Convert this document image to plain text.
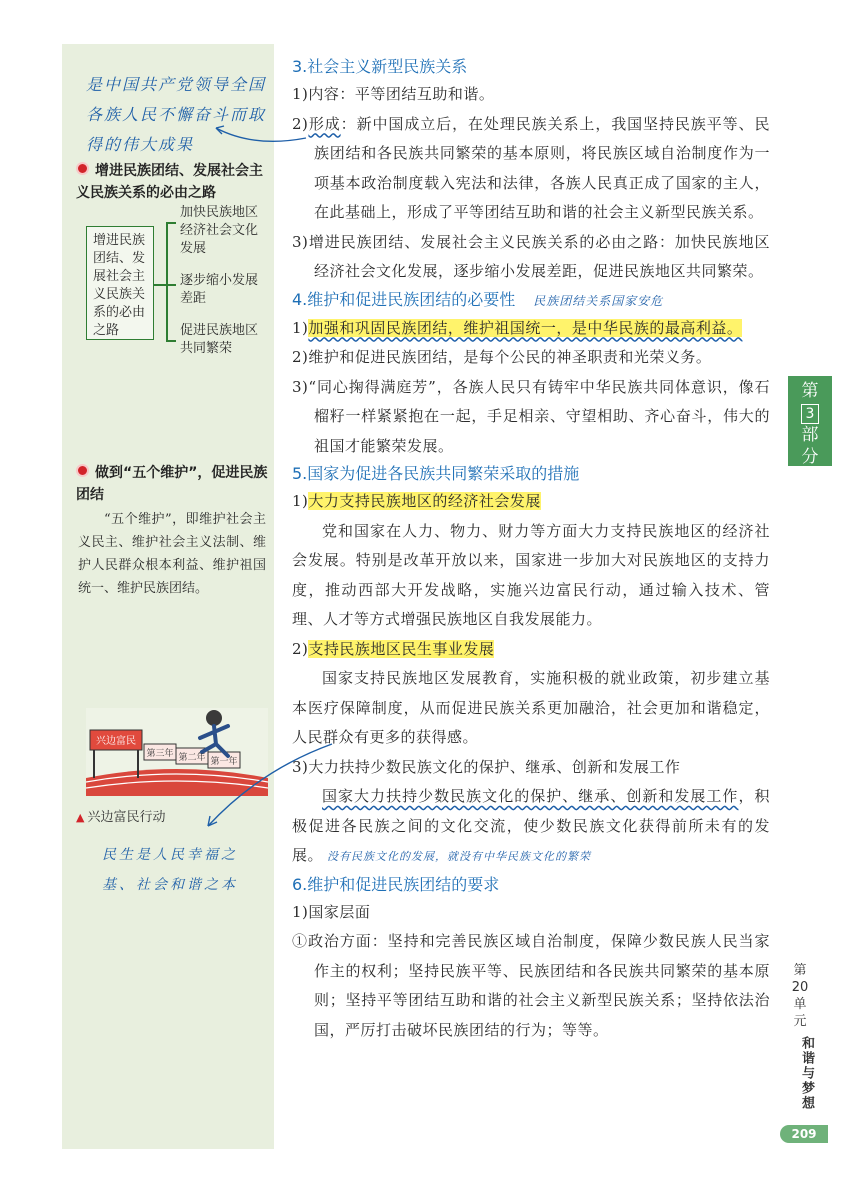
是中国共产党领导全国各族人民不懈奋斗而取得的伟大成果
增进民族团结、发展社会主义民族关系的必由之路
增进民族团结、发展社会主义民族关系的必由之路
加快民族地区经济社会文化发展
逐步缩小发展差距
促进民族地区共同繁荣
做到“五个维护”，促进民族团结
“五个维护”，即维护社会主义民主、维护社会主义法制、维护人民群众根本利益、维护祖国统一、维护民族团结。
兴边富民
第三年 第二年 第一年
▲ 兴边富民行动
民生是人民幸福之基、社会和谐之本

3.社会主义新型民族关系

1)内容：平等团结互助和谐。

2)形成：新中国成立后，在处理民族关系上，我国坚持民族平等、民族团结和各民族共同繁荣的基本原则，将民族区域自治制度作为一项基本政治制度载入宪法和法律，各族人民真正成了国家的主人，在此基础上，形成了平等团结互助和谐的社会主义新型民族关系。

3)增进民族团结、发展社会主义民族关系的必由之路：加快民族地区经济社会文化发展，逐步缩小发展差距，促进民族地区共同繁荣。

4.维护和促进民族团结的必要性 民族团结关系国家安危

1)加强和巩固民族团结，维护祖国统一，是中华民族的最高利益。

2)维护和促进民族团结，是每个公民的神圣职责和光荣义务。

3)“同心掬得满庭芳”，各族人民只有铸牢中华民族共同体意识，像石榴籽一样紧紧抱在一起，手足相亲、守望相助、齐心奋斗，伟大的祖国才能繁荣发展。

5.国家为促进各民族共同繁荣采取的措施

1)大力支持民族地区的经济社会发展

党和国家在人力、物力、财力等方面大力支持民族地区的经济社会发展。特别是改革开放以来，国家进一步加大对民族地区的支持力度，推动西部大开发战略，实施兴边富民行动，通过输入技术、管理、人才等方式增强民族地区自我发展能力。

2)支持民族地区民生事业发展

国家支持民族地区发展教育，实施积极的就业政策，初步建立基本医疗保障制度，从而促进民族关系更加融洽，社会更加和谐稳定，人民群众有更多的获得感。

3)大力扶持少数民族文化的保护、继承、创新和发展工作

国家大力扶持少数民族文化的保护、继承、创新和发展工作，积极促进各民族之间的文化交流，使少数民族文化获得前所未有的发展。 没有民族文化的发展，就没有中华民族文化的繁荣

6.维护和促进民族团结的要求

1)国家层面

①政治方面：坚持和完善民族区域自治制度，保障少数民族人民当家作主的权利；坚持民族平等、民族团结和各民族共同繁荣的基本原则；坚持平等团结互助和谐的社会主义新型民族关系；坚持依法治国，严厉打击破坏民族团结的行为；等等。

第
3
部分
第20单元
和谐与梦想
209
